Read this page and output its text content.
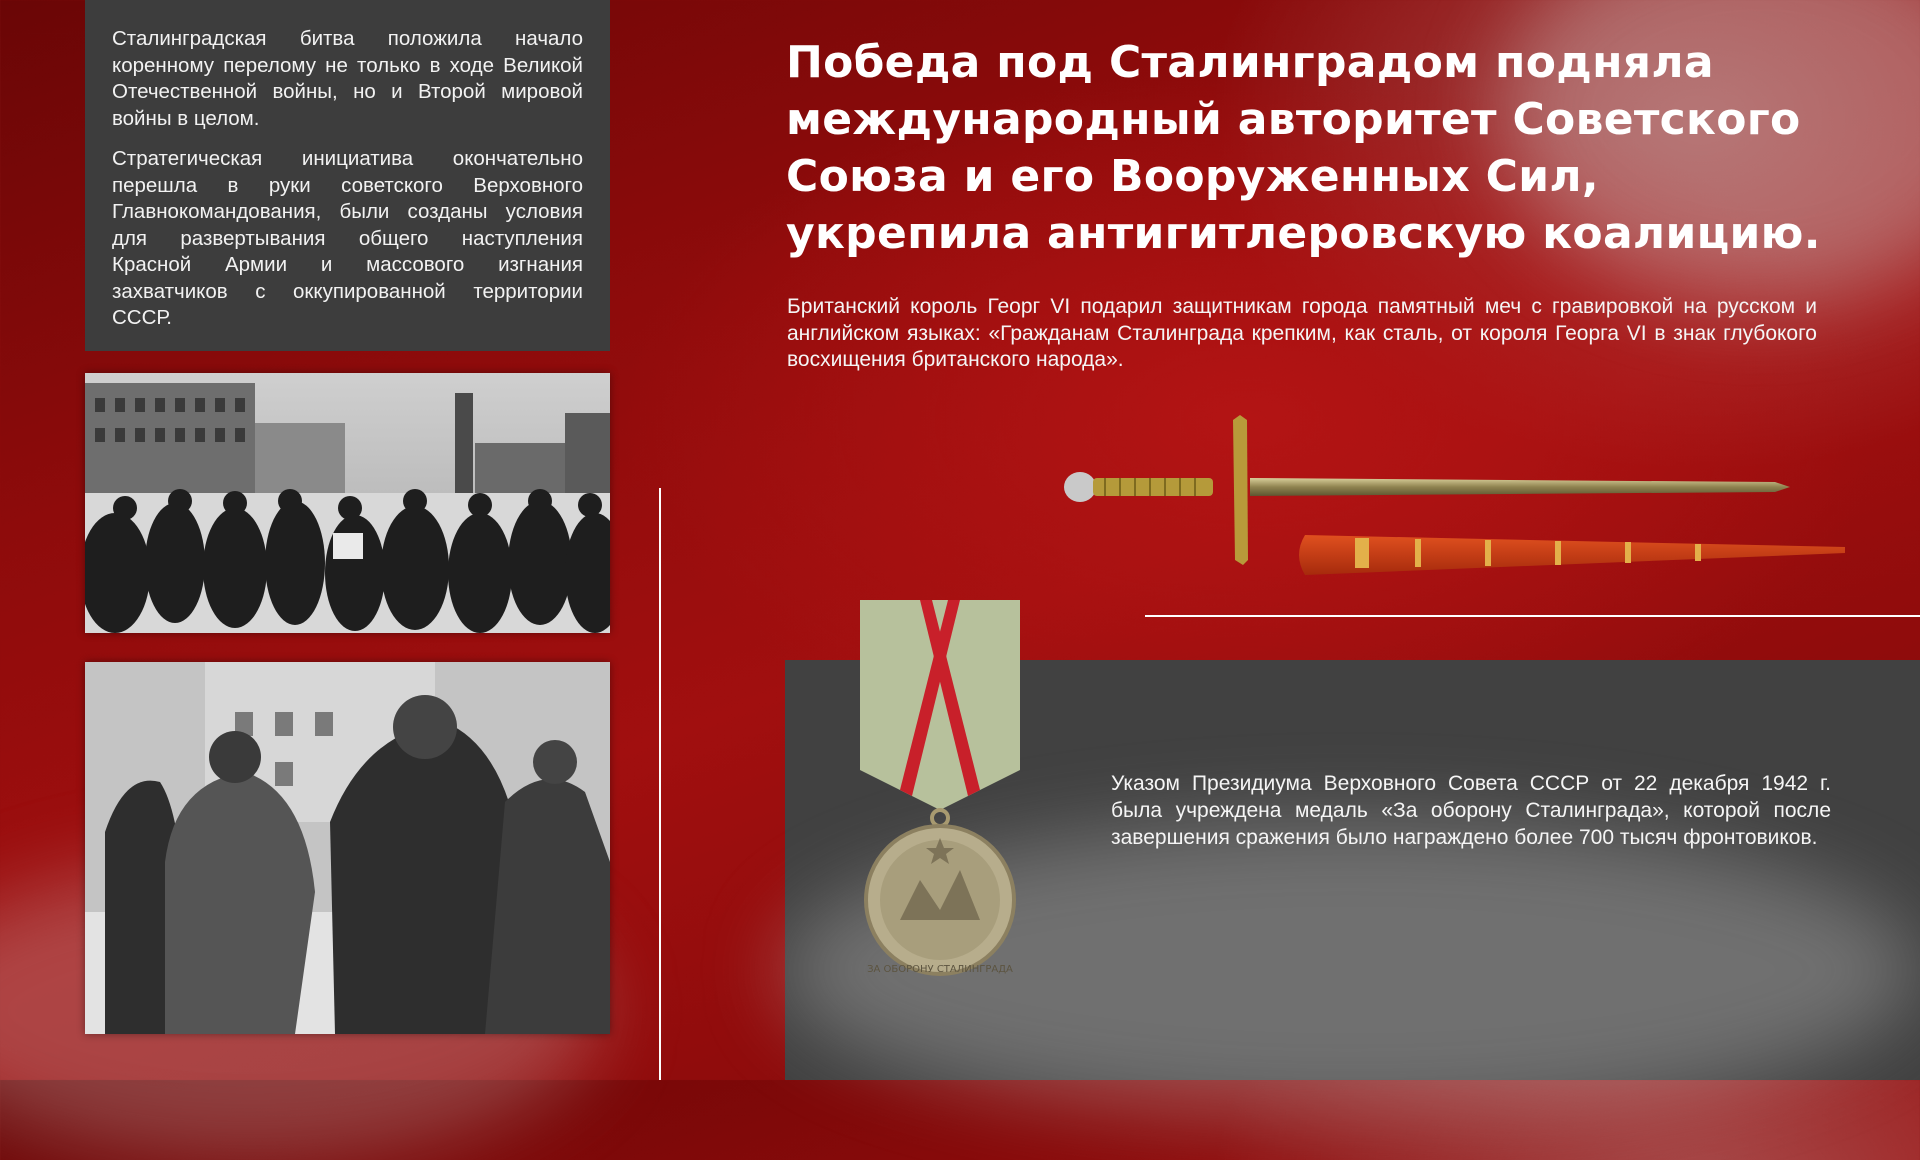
Сталинградская битва положила начало коренному перелому не только в ходе Великой Отечественной войны, но и Второй мировой войны в целом.

Стратегическая инициатива окончательно перешла в руки советского Верховного Главнокомандования, были созданы условия для развертывания общего наступления Красной Армии и массового изгнания захватчиков с оккупированной территории СССР.

Победа под Сталинградом подняла международный авторитет Советского Союза и его Вооруженных Сил, укрепила антигитлеровскую коалицию.
Британский король Георг VI подарил защитникам города памятный меч с гравировкой на русском и английском языках: «Гражданам Сталинграда крепким, как сталь, от короля Георга VI в знак глубокого восхищения британского народа».
ЗА ОБОРОНУ СТАЛИНГРАДА
Указом Президиума Верховного Совета СССР от 22 декабря 1942 г. была учреждена медаль «За оборону Сталинграда», которой после завершения сражения было награждено более 700 тысяч фронтовиков.
